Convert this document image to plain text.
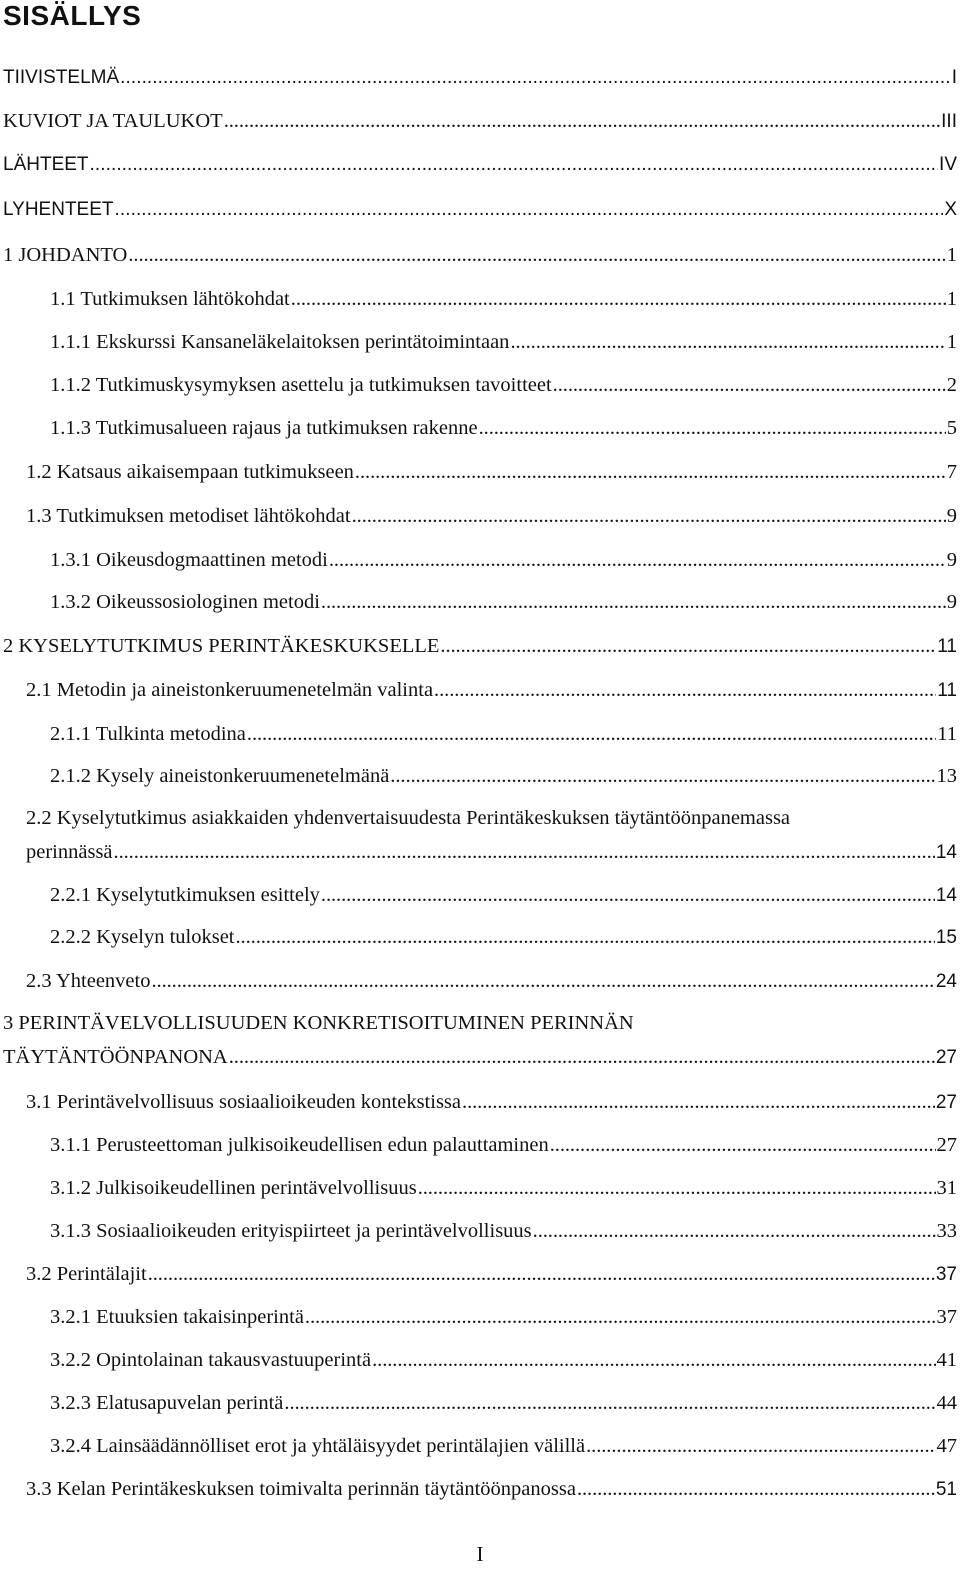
SISÄLLYS
TIIVISTELMÄ . . .	I
KUVIOT JA TAULUKOT . . .	III
LÄHTEET . . .	IV
LYHENTEET . . .	X
1 JOHDANTO . . .	1
1.1 Tutkimuksen lähtökohdat . . .	1
1.1.1 Ekskurssi Kansaneläkelaitoksen perintätoimintaan . . .	1
1.1.2 Tutkimuskysymyksen asettelu ja tutkimuksen tavoitteet . . .	2
1.1.3 Tutkimusalueen rajaus ja tutkimuksen rakenne . . .	5
1.2 Katsaus aikaisempaan tutkimukseen . . .	7
1.3 Tutkimuksen metodiset lähtökohdat . . .	9
1.3.1 Oikeusdogmaattinen metodi . . .	9
1.3.2 Oikeussosiologinen metodi . . .	9
2 KYSELYTUTKIMUS PERINTÄKESKUKSELLE . . .	11
2.1 Metodin ja aineistonkeruumenetelmän valinta . . .	11
2.1.1 Tulkinta metodina . . .	11
2.1.2 Kysely aineistonkeruumenetelmänä . . .	13
2.2 Kyselytutkimus asiakkaiden yhdenvertaisuudesta Perintäkeskuksen täytäntöönpanemassa
perinnässä . . .	14
2.2.1 Kyselytutkimuksen esittely . . .	14
2.2.2 Kyselyn tulokset . . .	15
2.3 Yhteenveto . . .	24
3 PERINTÄVELVOLLISUUDEN KONKRETISOITUMINEN PERINNÄN
TÄYTÄNTÖÖNPANONA . . .	27
3.1 Perintävelvollisuus sosiaalioikeuden kontekstissa . . .	27
3.1.1 Perusteettoman julkisoikeudellisen edun palauttaminen . . .	27
3.1.2 Julkisoikeudellinen perintävelvollisuus . . .	31
3.1.3 Sosiaalioikeuden erityispiirteet ja perintävelvollisuus . . .	33
3.2 Perintälajit . . .	37
3.2.1 Etuuksien takaisinperintä . . .	37
3.2.2 Opintolainan takausvastuuperintä . . .	41
3.2.3 Elatusapuvelan perintä . . .	44
3.2.4 Lainsäädännölliset erot ja yhtäläisyydet perintälajien välillä . . .	47
3.3 Kelan Perintäkeskuksen toimivalta perinnän täytäntöönpanossa . . .	51
I
